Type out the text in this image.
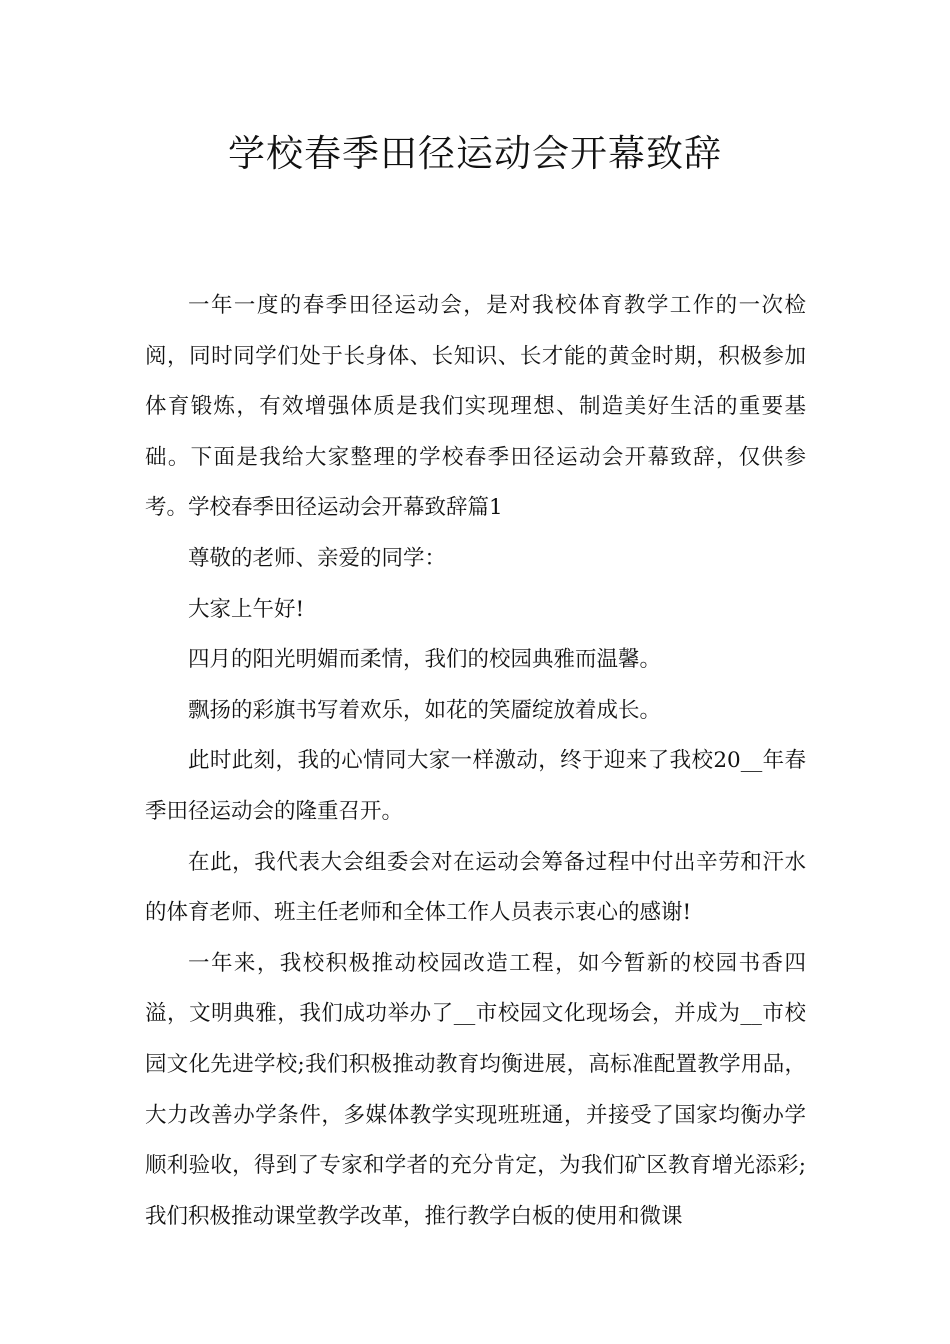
学校春季田径运动会开幕致辞

一年一度的春季田径运动会，是对我校体育教学工作的一次检阅，同时同学们处于长身体、长知识、长才能的黄金时期，积极参加体育锻炼，有效增强体质是我们实现理想、制造美好生活的重要基础。下面是我给大家整理的学校春季田径运动会开幕致辞，仅供参考。学校春季田径运动会开幕致辞篇1

尊敬的老师、亲爱的同学：

大家上午好!

四月的阳光明媚而柔情，我们的校园典雅而温馨。

飘扬的彩旗书写着欢乐，如花的笑靥绽放着成长。

此时此刻，我的心情同大家一样激动，终于迎来了我校20__年春季田径运动会的隆重召开。

在此，我代表大会组委会对在运动会筹备过程中付出辛劳和汗水的体育老师、班主任老师和全体工作人员表示衷心的感谢!

一年来，我校积极推动校园改造工程，如今暂新的校园书香四溢，文明典雅，我们成功举办了__市校园文化现场会，并成为__市校园文化先进学校;我们积极推动教育均衡进展，高标准配置教学用品，大力改善办学条件，多媒体教学实现班班通，并接受了国家均衡办学顺利验收，得到了专家和学者的充分肯定，为我们矿区教育增光添彩;我们积极推动课堂教学改革，推行教学白板的使用和微课
